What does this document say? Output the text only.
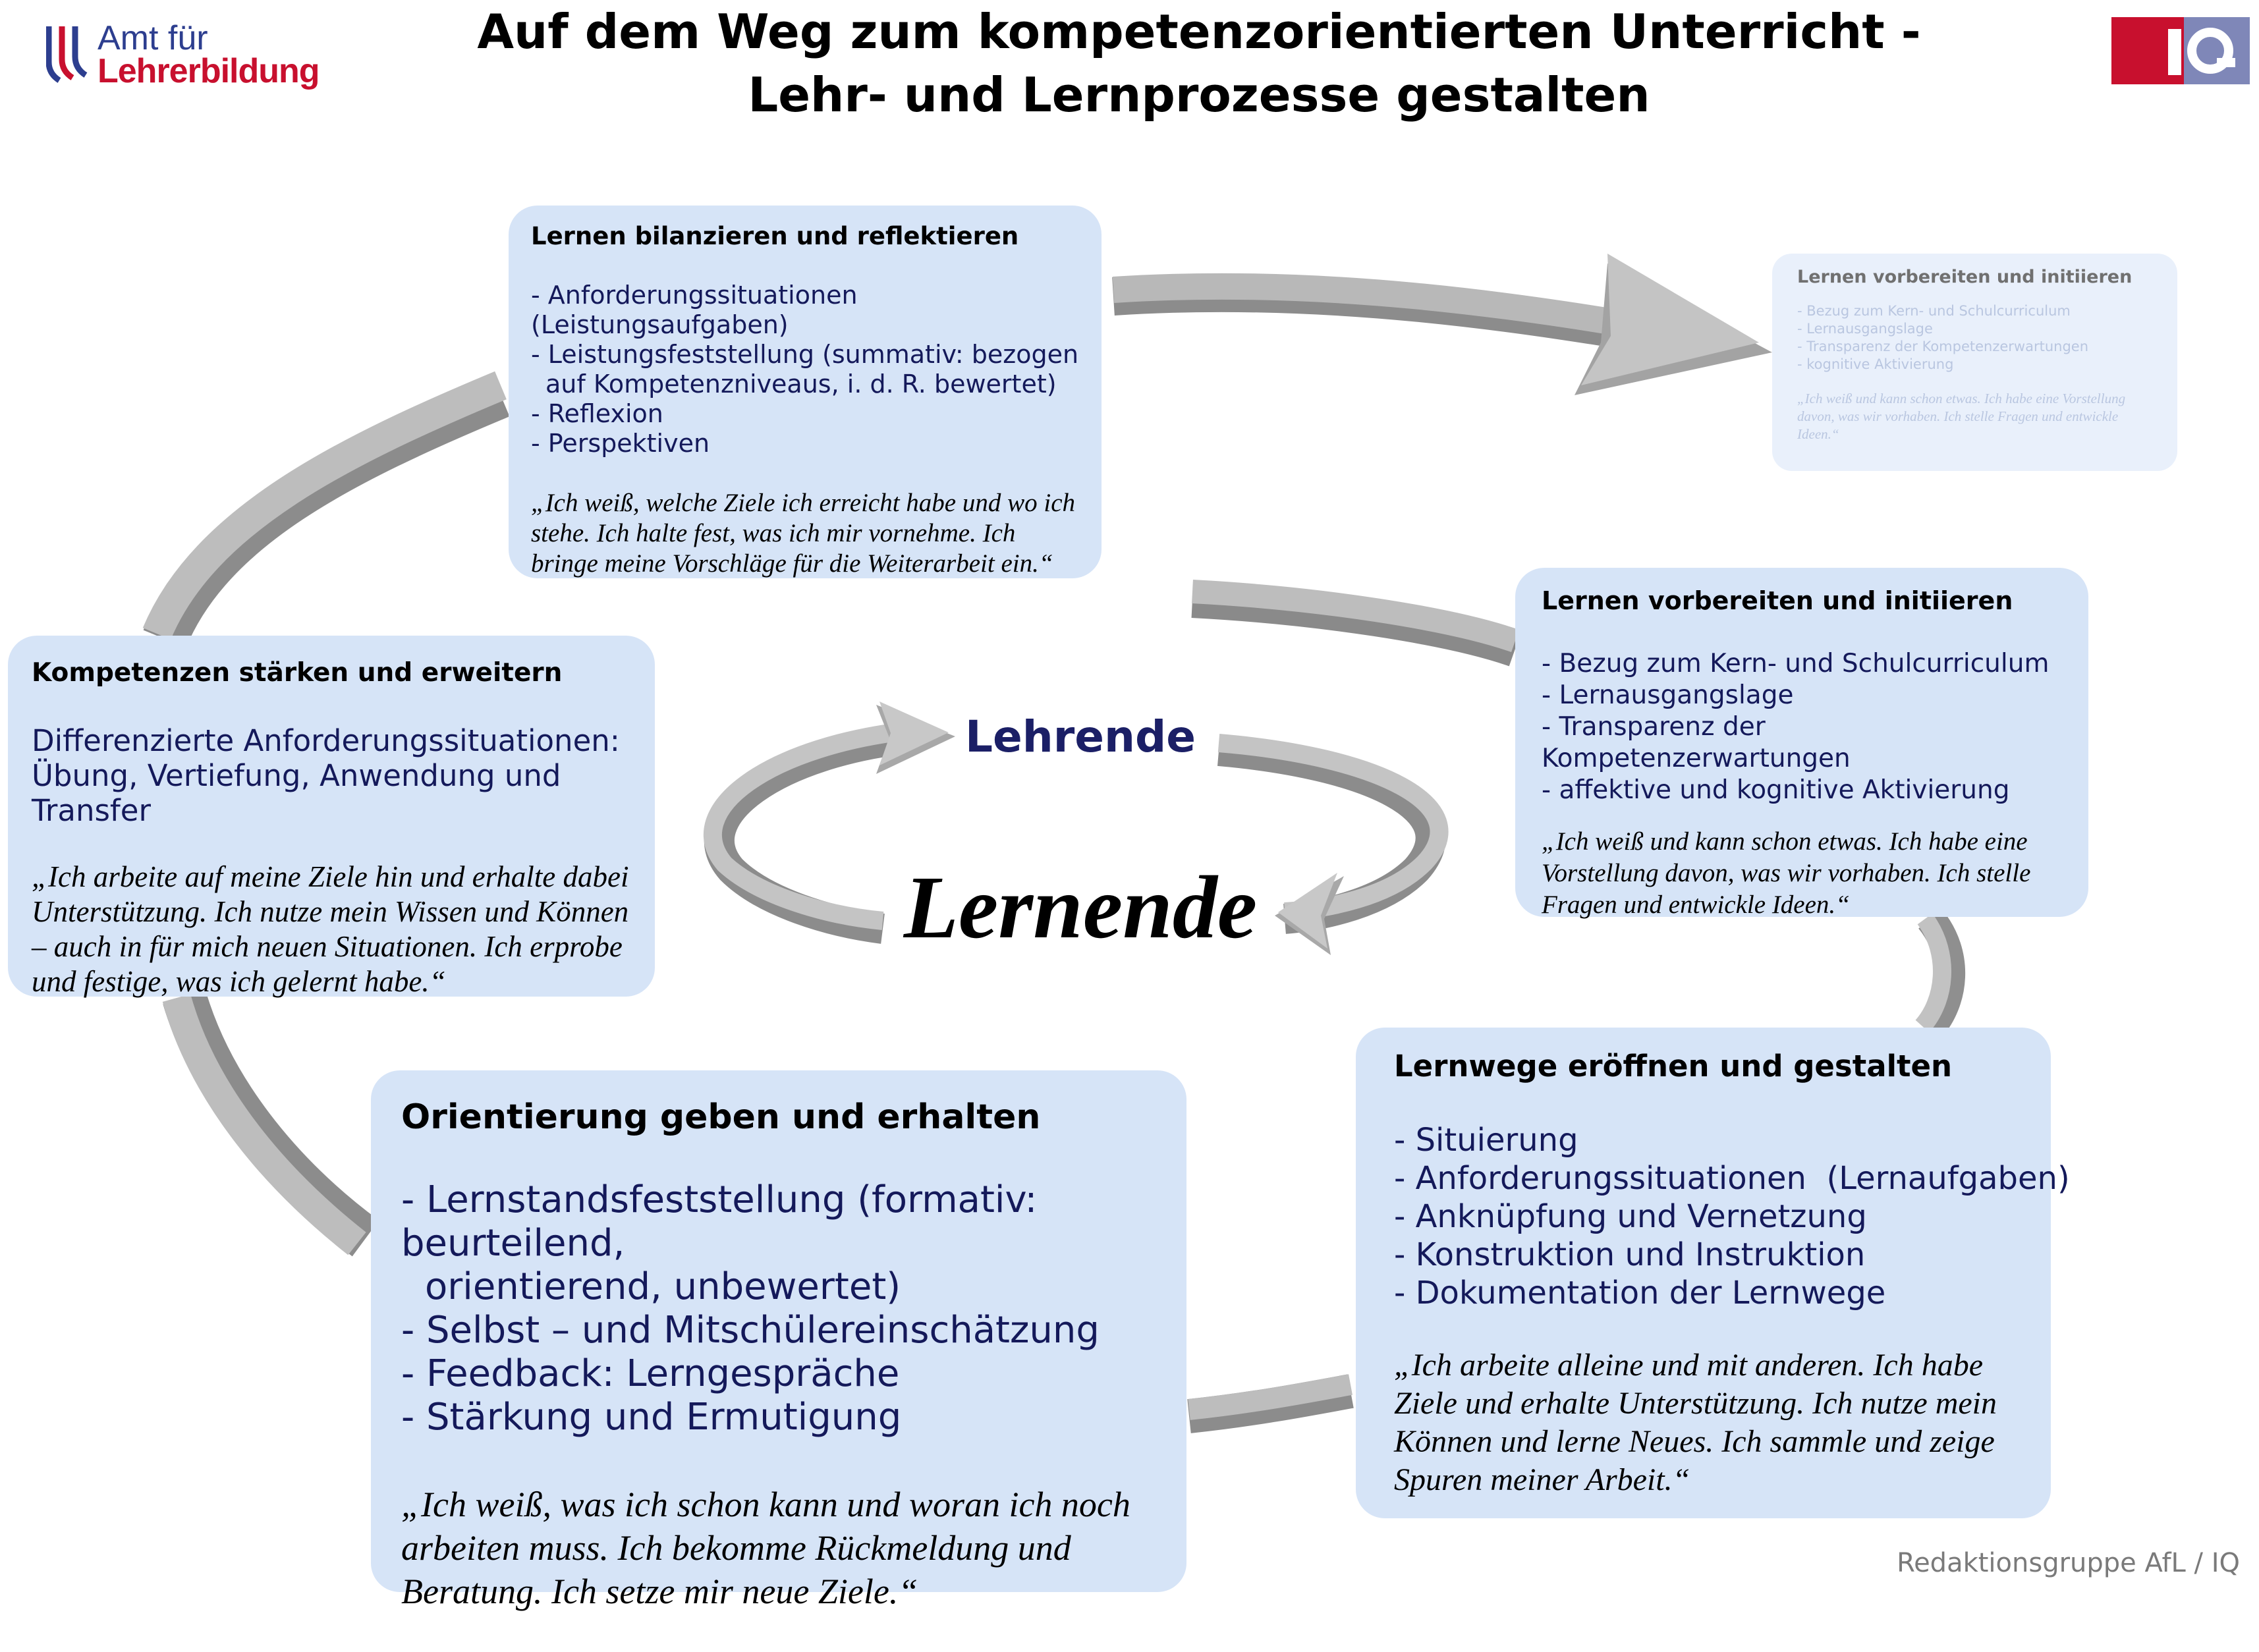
Amt für
Lehrerbildung
Auf dem Weg zum kompetenzorientierten Unterricht -
Lehr- und Lernprozesse gestalten
Lernen bilanzieren und reflektieren
- Anforderungssituationen (Leistungsaufgaben)
- Leistungsfeststellung (summativ: bezogen
auf Kompetenzniveaus, i. d. R. bewertet)
- Reflexion
- Perspektiven
„Ich weiß, welche Ziele ich erreicht habe und wo ich stehe. Ich halte fest, was ich mir vornehme. Ich bringe meine Vorschläge für die Weiterarbeit ein.“
Lernen vorbereiten und initiieren
- Bezug zum Kern- und Schulcurriculum
- Lernausgangslage
- Transparenz der Kompetenzerwartungen
- kognitive Aktivierung
„Ich weiß und kann schon etwas. Ich habe eine Vorstellung davon, was wir vorhaben. Ich stelle Fragen und entwickle Ideen.“
Lernen vorbereiten und initiieren
- Bezug zum Kern- und Schulcurriculum
- Lernausgangslage
- Transparenz der Kompetenzerwartungen
- affektive und kognitive Aktivierung
„Ich weiß und kann schon etwas. Ich habe eine Vorstellung davon, was wir vorhaben. Ich stelle Fragen und entwickle Ideen.“
Kompetenzen stärken und erweitern
Differenzierte Anforderungssituationen:
Übung, Vertiefung, Anwendung und Transfer
„Ich arbeite auf meine Ziele hin und erhalte dabei Unterstützung. Ich nutze mein Wissen und Können – auch in für mich neuen Situationen. Ich erprobe und festige, was ich gelernt habe.“
Lehrende
Lernende
Orientierung geben und erhalten
- Lernstandsfeststellung (formativ: beurteilend,
orientierend, unbewertet)
- Selbst – und Mitschülereinschätzung
- Feedback: Lerngespräche
- Stärkung und Ermutigung
„Ich weiß, was ich schon kann und woran ich noch arbeiten muss. Ich bekomme Rückmeldung und Beratung. Ich setze mir neue Ziele.“
Lernwege eröffnen und gestalten
- Situierung
- Anforderungssituationen  (Lernaufgaben)
- Anknüpfung und Vernetzung
- Konstruktion und Instruktion
- Dokumentation der Lernwege
„Ich arbeite alleine und mit anderen. Ich habe Ziele und erhalte Unterstützung. Ich nutze mein Können und lerne Neues. Ich sammle und zeige Spuren meiner Arbeit.“
Redaktionsgruppe AfL / IQ
